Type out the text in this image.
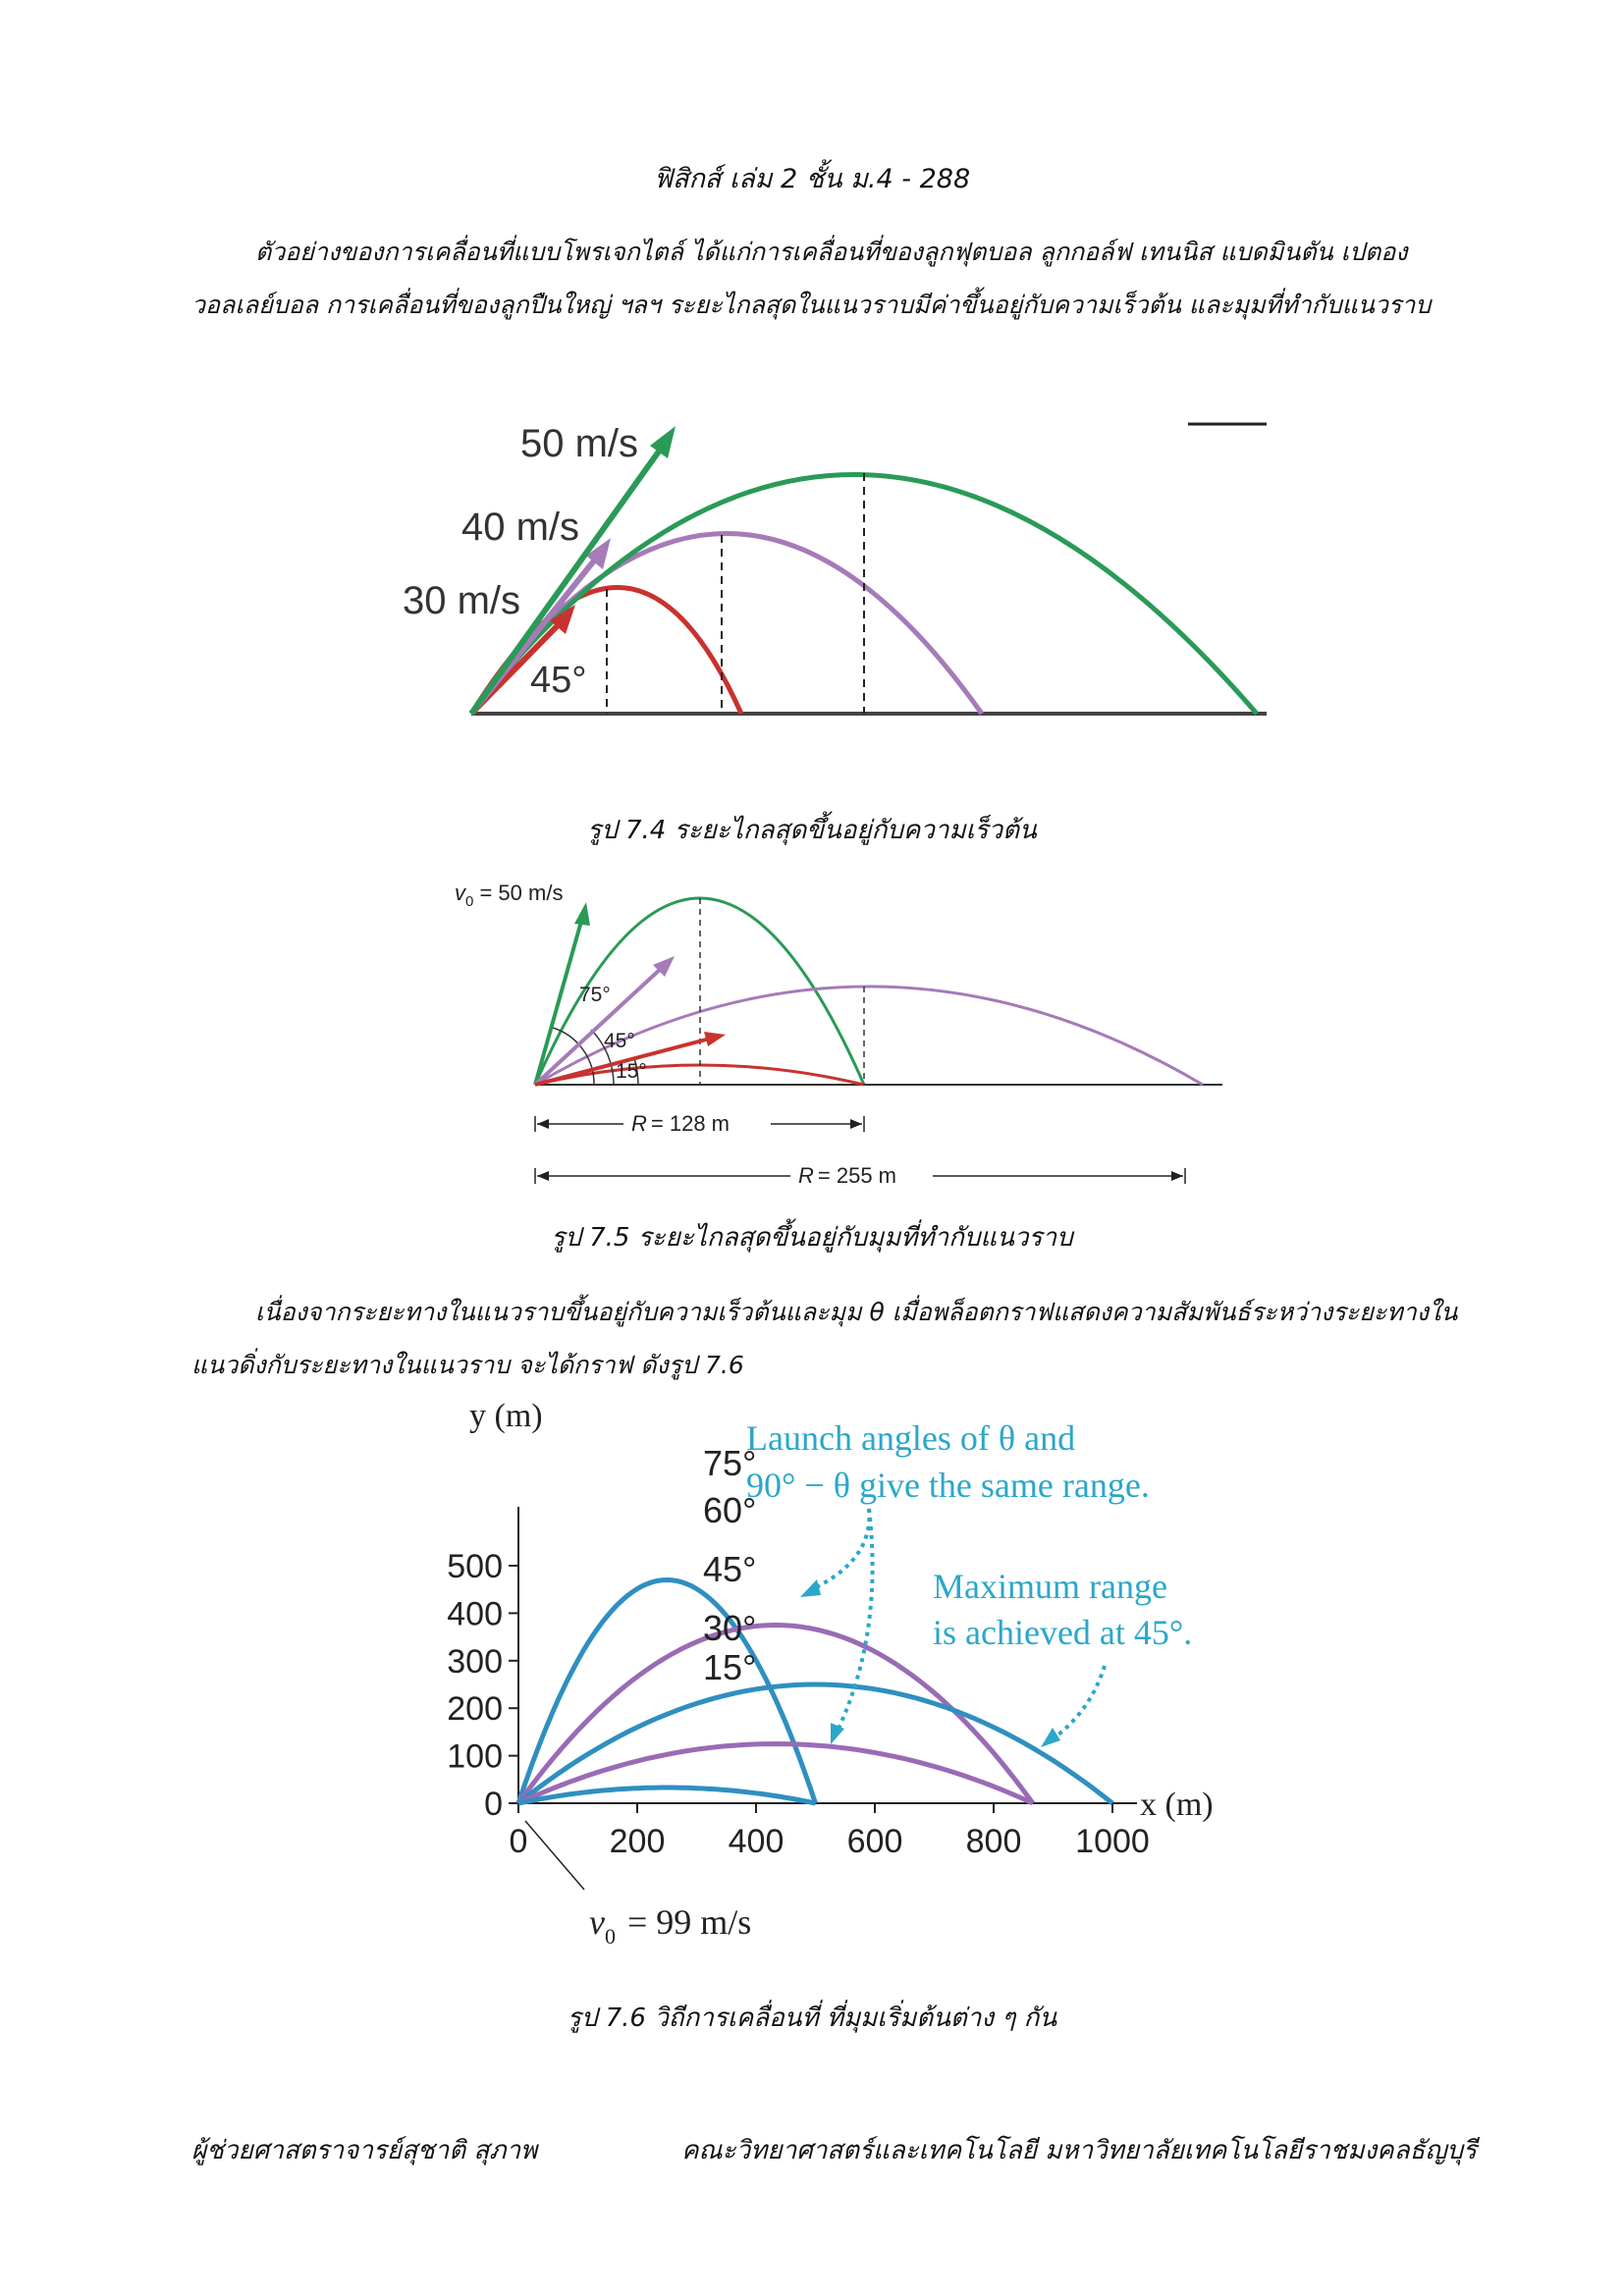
ฟิสิกส์ เล่ม 2 ชั้น ม.4 - 288

ตัวอย่างของการเคลื่อนที่แบบโพรเจกไตล์ ได้แก่การเคลื่อนที่ของลูกฟุตบอล ลูกกอล์ฟ เทนนิส แบดมินตัน เปตอง วอลเลย์บอล การเคลื่อนที่ของลูกปืนใหญ่ ฯลฯ ระยะไกลสุดในแนวราบมีค่าขึ้นอยู่กับความเร็วต้น และมุมที่ทำกับแนวราบ

50 m/s
40 m/s
30 m/s
45°
รูป 7.4 ระยะไกลสุดขึ้นอยู่กับความเร็วต้น
$v_0 = 50$ m/s
75°
45°
15°
R = 128 m
R = 255 m
รูป 7.5 ระยะไกลสุดขึ้นอยู่กับมุมที่ทำกับแนวราบ

เนื่องจากระยะทางในแนวราบขึ้นอยู่กับความเร็วต้นและมุม θ เมื่อพล็อตกราฟแสดงความสัมพันธ์ระหว่างระยะทางในแนวดิ่งกับระยะทางในแนวราบ จะได้กราฟ ดังรูป 7.6

0
100
200
300
400
500
0 200 400 600 800 1000
75°
60°
45°
30°
15°
y (m)
x (m)
Launch angles of θ and
90° − θ give the same range.
Maximum range
is achieved at 45°.
$v_0 = 99$ m/s
รูป 7.6 วิถีการเคลื่อนที่ ที่มุมเริ่มต้นต่าง ๆ กัน
ผู้ช่วยศาสตราจารย์สุชาติ สุภาพ	คณะวิทยาศาสตร์และเทคโนโลยี มหาวิทยาลัยเทคโนโลยีราชมงคลธัญบุรี
